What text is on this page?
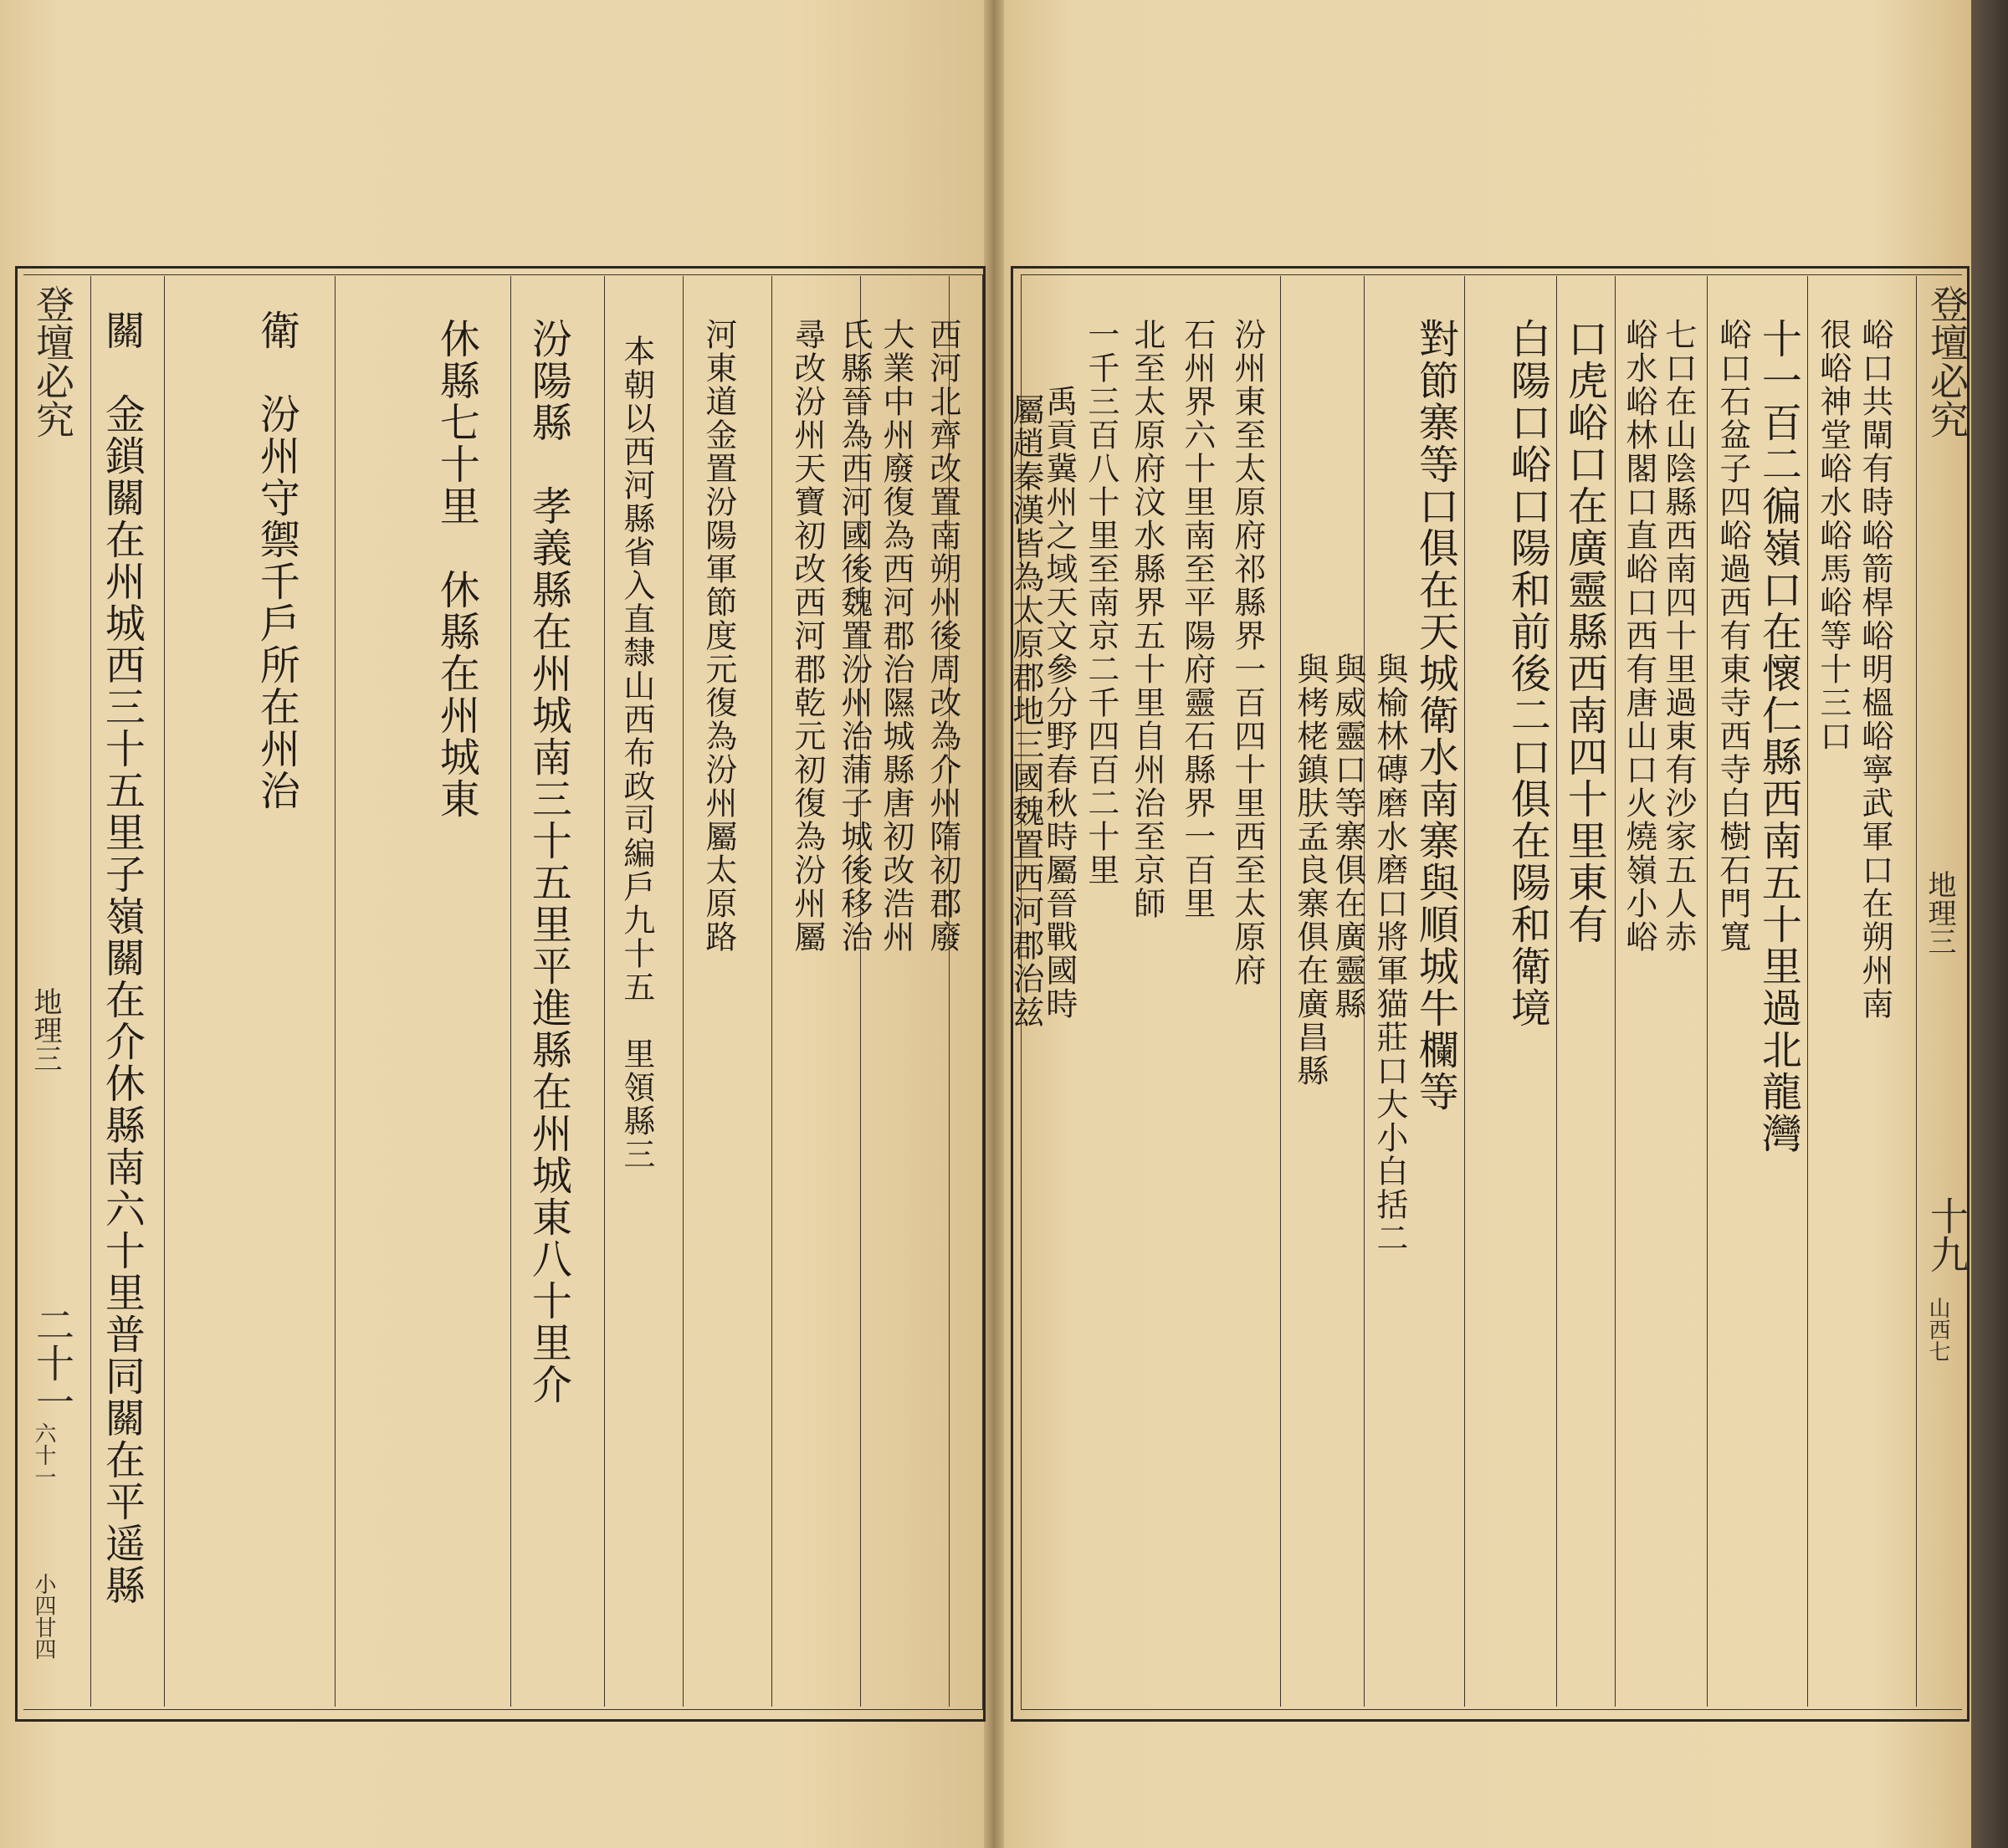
登壇必究
地理三
二十一
六十一
小四甘四
關　金鎖關在州城西三十五里子嶺關在介休縣南六十里普同關在平遥縣	衛　汾州守禦千戶所在州治	休縣七十里　休縣在州城東 汾陽縣　孝義縣在州城南三十五里平進縣在州城東八十里介 本朝以西河縣省入直隸山西布政司編戶九十五　里領縣三 河東道金置汾陽軍節度元復為汾州屬太原路 尋改汾州天寶初改西河郡乾元初復為汾州屬 大業中州廢復為西河郡治隰城縣唐初改浩州 西河北齊改置南朔州後周改為介州隋初郡廢
氏縣晉為西河國後魏置汾州治蒲子城後移治	登壇必究
地理三
十九
山西七
峪口共閘有時峪箭桿峪明榲峪寧武軍口在朔州南
很峪神堂峪水峪馬峪等十三口
十一百二徧嶺口在懷仁縣西南五十里過北龍灣
峪口石盆子四峪過西有東寺西寺白樹石門寬
七口在山陰縣西南四十里過東有沙家五人赤
峪水峪林閣口直峪口西有唐山口火燒嶺小峪
口虎峪口在廣靈縣西南四十里東有
白陽口峪口陽和前後二口俱在陽和衛境
對節寨等口俱在天城衛水南寨與順城牛欄等
與榆林磚磨水磨口將軍猫莊口大小白括二
與威靈口等寨俱在廣靈縣
與栲栳鎮肤孟良寨俱在廣昌縣
汾州東至太原府祁縣界一百四十里西至太原府
石州界六十里南至平陽府靈石縣界一百里
北至太原府汶水縣界五十里自州治至京師
一千三百八十里至南京二千四百二十里
禹貢冀州之域天文參分野春秋時屬晉戰國時
屬趙秦漢皆為太原郡地三國魏置西河郡治兹
